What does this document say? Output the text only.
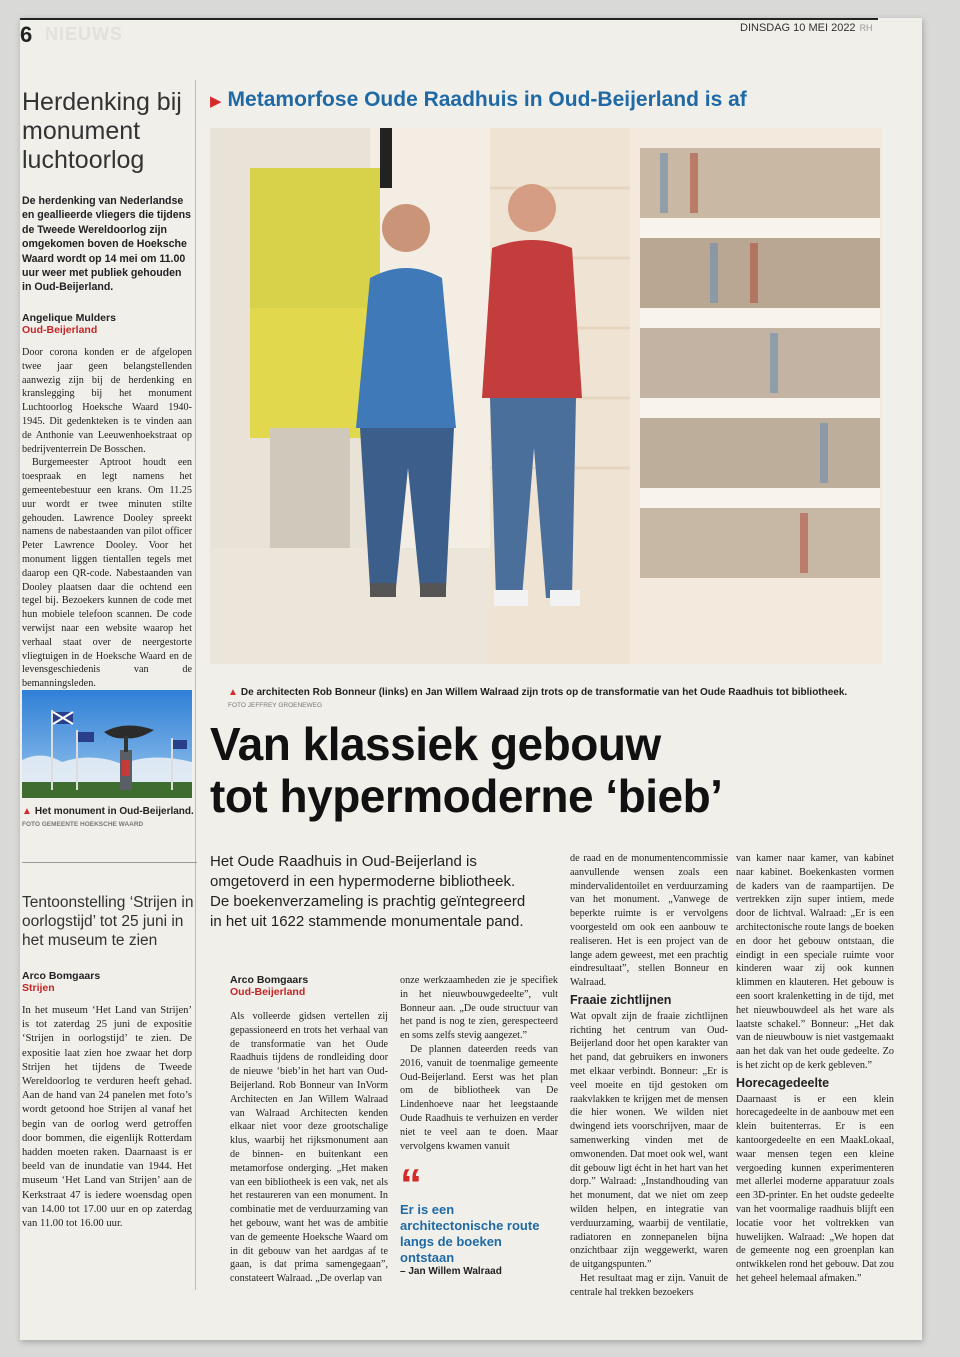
6 NIEUWS	DINSDAG 10 MEI 2022 RH
Herdenking bij monument luchtoorlog
De herdenking van Nederlandse en geallieerde vliegers die tijdens de Tweede Wereldoorlog zijn omgekomen boven de Hoeksche Waard wordt op 14 mei om 11.00 uur weer met publiek gehouden in Oud-Beijerland.
Angelique Mulders
Oud-Beijerland

Door corona konden er de afgelopen twee jaar geen belangstellenden aanwezig zijn bij de herdenking en kranslegging bij het monument Luchtoorlog Hoeksche Waard 1940-1945. Dit gedenkteken is te vinden aan de Anthonie van Leeuwenhoekstraat op bedrijventerrein De Bosschen.

Burgemeester Aptroot houdt een toespraak en legt namens het gemeentebestuur een krans. Om 11.25 uur wordt er twee minuten stilte gehouden. Lawrence Dooley spreekt namens de nabestaanden van pilot officer Peter Lawrence Dooley. Voor het monument liggen tientallen tegels met daarop een QR-code. Nabestaanden van Dooley plaatsen daar die ochtend een tegel bij. Bezoekers kunnen de code met hun mobiele telefoon scannen. De code verwijst naar een website waarop het verhaal staat over de neergestorte vliegtuigen in de Hoeksche Waard en de levensgeschiedenis van de bemanningsleden.

▲ Het monument in Oud-Beijerland. FOTO GEMEENTE HOEKSCHE WAARD
Tentoonstelling ‘Strijen in oorlogstijd’ tot 25 juni in het museum te zien
Arco Bomgaars
Strijen

In het museum ‘Het Land van Strijen’ is tot zaterdag 25 juni de expositie ‘Strijen in oorlogstijd’ te zien. De expositie laat zien hoe zwaar het dorp Strijen het tijdens de Tweede Wereldoorlog te verduren heeft gehad. Aan de hand van 24 panelen met foto’s wordt getoond hoe Strijen al vanaf het begin van de oorlog werd getroffen door bommen, die eigenlijk Rotterdam hadden moeten raken. Daarnaast is er beeld van de inundatie van 1944. Het museum ‘Het Land van Strijen’ aan de Kerkstraat 47 is iedere woensdag open van 14.00 tot 17.00 uur en op zaterdag van 11.00 tot 16.00 uur.

▶ Metamorfose Oude Raadhuis in Oud-Beijerland is af
▲ De architecten Rob Bonneur (links) en Jan Willem Walraad zijn trots op de transformatie van het Oude Raadhuis tot bibliotheek.
FOTO JEFFREY GROENEWEG
Van klassiek gebouw
tot hypermoderne ‘bieb’
Het Oude Raadhuis in Oud-Beijerland is omgetoverd in een hypermoderne bibliotheek. De boekenverzameling is prachtig geïntegreerd in het uit 1622 stammende monumentale pand.
Arco Bomgaars
Oud-Beijerland

Als volleerde gidsen vertellen zij gepassioneerd en trots het verhaal van de transformatie van het Oude Raadhuis tijdens de rondleiding door de nieuwe ‘bieb’in het hart van Oud-Beijerland. Rob Bonneur van InVorm Architecten en Jan Willem Walraad van Walraad Architecten kenden elkaar niet voor deze grootschalige klus, waarbij het rijksmonument aan de binnen- en buitenkant een metamorfose onderging. „Het maken van een bibliotheek is een vak, net als het restaureren van een monument. In combinatie met de verduurzaming van het gebouw, want het was de ambitie van de gemeente Hoeksche Waard om in dit gebouw van het aardgas af te gaan, is dat prima samengegaan”, constateert Walraad. „De overlap van

onze werkzaamheden zie je specifiek in het nieuwbouwgedeelte”, vult Bonneur aan. „De oude structuur van het pand is nog te zien, gerespecteerd en soms zelfs stevig aangezet.”

De plannen dateerden reeds van 2016, vanuit de toenmalige gemeente Oud-Beijerland. Eerst was het plan om de bibliotheek van De Lindenhoeve naar het leegstaande Oude Raadhuis te verhuizen en verder niet te veel aan te doen. Maar vervolgens kwamen vanuit

“
Er is een architectonische route langs de boeken ontstaan
– Jan Willem Walraad

de raad en de monumentencommissie aanvullende wensen zoals een mindervalidentoilet en verduurzaming van het monument. „Vanwege de beperkte ruimte is er vervolgens voorgesteld om ook een aanbouw te realiseren. Het is een project van de lange adem geweest, met een prachtig eindresultaat”, stellen Bonneur en Walraad.

Fraaie zichtlijnen

Wat opvalt zijn de fraaie zichtlijnen richting het centrum van Oud-Beijerland door het open karakter van het pand, dat gebruikers en inwoners met elkaar verbindt. Bonneur: „Er is veel moeite en tijd gestoken om raakvlakken te krijgen met de mensen die hier wonen. We wilden niet dwingend iets voorschrijven, maar de samenwerking vinden met de omwonenden. Dat moet ook wel, want dit gebouw ligt écht in het hart van het dorp.” Walraad: „Instandhouding van het monument, dat we niet om zeep wilden helpen, en integratie van verduurzaming, waarbij de ventilatie, radiatoren en zonnepanelen bijna onzichtbaar zijn weggewerkt, waren de uitgangspunten.”

Het resultaat mag er zijn. Vanuit de centrale hal trekken bezoekers

van kamer naar kamer, van kabinet naar kabinet. Boekenkasten vormen de kaders van de raampartijen. De vertrekken zijn super intiem, mede door de lichtval. Walraad: „Er is een architectonische route langs de boeken en door het gebouw ontstaan, die eindigt in een speciale ruimte voor kinderen waar zij ook kunnen klimmen en klauteren. Het gebouw is een soort kralenketting in de tijd, met het nieuwbouwdeel als het ware als laatste schakel.” Bonneur: „Het dak van de nieuwbouw is niet vastgemaakt aan het dak van het oude gedeelte. Zo is het zicht op de kerk gebleven.”

Horecagedeelte

Daarnaast is er een klein horecagedeelte in de aanbouw met een klein buitenterras. Er is een kantoorgedeelte en een MaakLokaal, waar mensen tegen een kleine vergoeding kunnen experimenteren met allerlei moderne apparatuur zoals een 3D-printer. En het oudste gedeelte van het voormalige raadhuis blijft een locatie voor het voltrekken van huwelijken. Walraad: „We hopen dat de gemeente nog een groenplan kan ontwikkelen rond het gebouw. Dat zou het geheel helemaal afmaken.”
